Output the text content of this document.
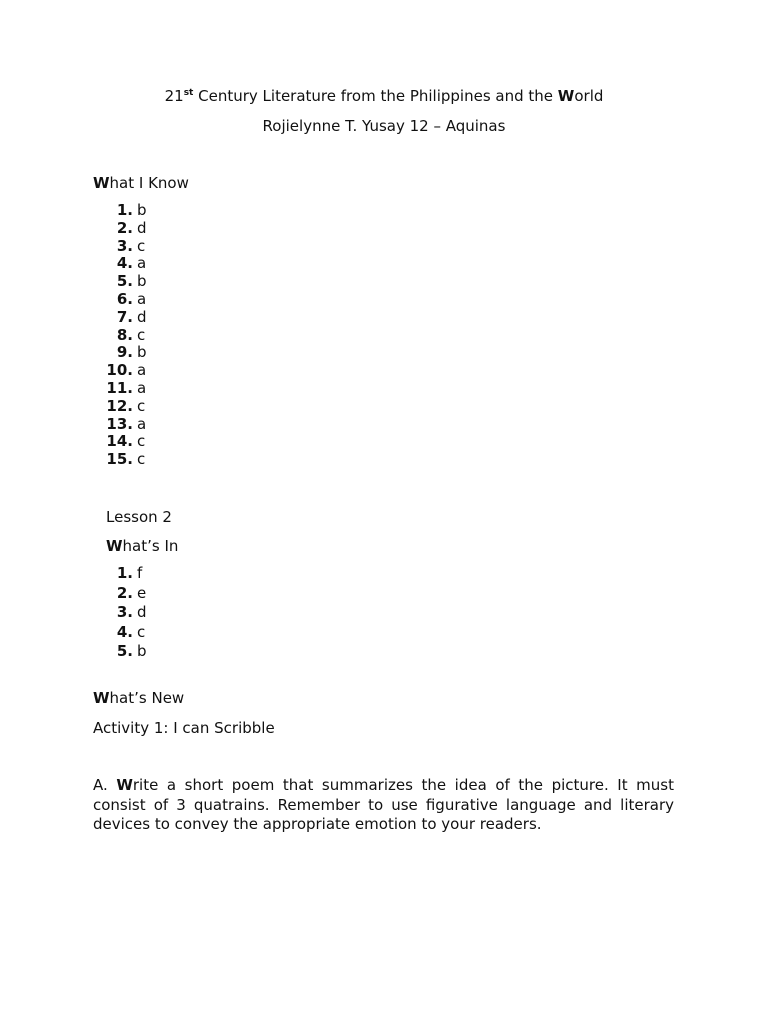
21st Century Literature from the Philippines and the World
Rojielynne T. Yusay 12 – Aquinas
What I Know
1. b
2. d
3. c
4. a
5. b
6. a
7. d
8. c
9. b
10. a
11. a
12. c
13. a
14. c
15. c
Lesson 2
What’s In
1. f
2. e
3. d
4. c
5. b
What’s New
Activity 1: I can Scribble
A. Write a short poem that summarizes the idea of the picture. It must consist of 3 quatrains. Remember to use figurative language and literary devices to convey the appropriate emotion to your readers.
